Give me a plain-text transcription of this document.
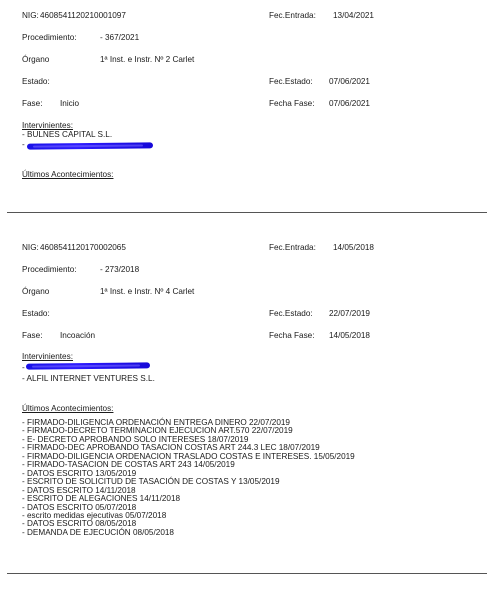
NIG: 4608541120210001097	Fec.Entrada: 13/04/2021
Procedimiento:	- 367/2021
Órgano	1ª Inst. e Instr. Nº 2 Carlet
Estado:	Fec.Estado: 07/06/2021
Fase: Inicio	Fecha Fase: 07/06/2021
Intervinientes:
- BULNES CAPITAL S.L.
-
Últimos Acontecimientos:
NIG: 4608541120170002065	Fec.Entrada: 14/05/2018
Procedimiento:	- 273/2018
Órgano	1ª Inst. e Instr. Nº 4 Carlet
Estado:	Fec.Estado: 22/07/2019
Fase: Incoación	Fecha Fase: 14/05/2018
Intervinientes:
-
- ALFIL INTERNET VENTURES S.L.
Últimos Acontecimientos:
- FIRMADO-DILIGENCIA ORDENACIÓN ENTREGA DINERO 22/07/2019
- FIRMADO-DECRETO TERMINACION EJECUCION ART.570 22/07/2019
- E- DECRETO APROBANDO SOLO INTERESES 18/07/2019
- FIRMADO-DEC APROBANDO TASACION COSTAS ART 244.3 LEC 18/07/2019
- FIRMADO-DILIGENCIA ORDENACION TRASLADO COSTAS E INTERESES. 15/05/2019
- FIRMADO-TASACION DE COSTAS ART 243 14/05/2019
- DATOS ESCRITO 13/05/2019
- ESCRITO DE SOLICITUD DE TASACIÓN DE COSTAS Y 13/05/2019
- DATOS ESCRITO 14/11/2018
- ESCRITO DE ALEGACIONES 14/11/2018
- DATOS ESCRITO 05/07/2018
- escrito medidas ejecutivas 05/07/2018
- DATOS ESCRITO 08/05/2018
- DEMANDA DE EJECUCIÓN 08/05/2018
